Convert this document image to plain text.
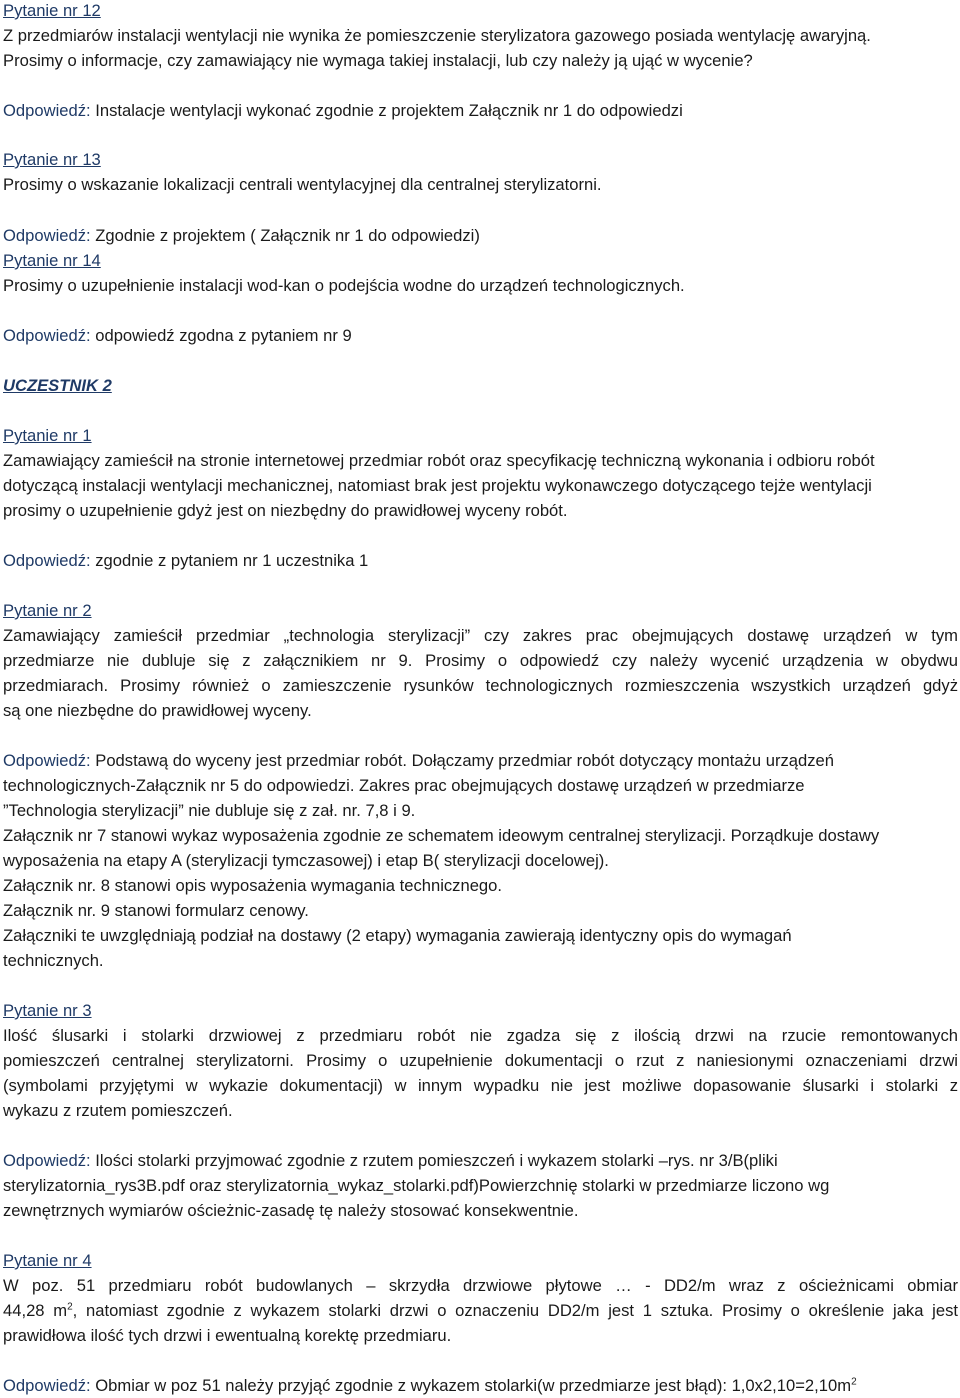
Pytanie nr 12
Z przedmiarów instalacji wentylacji nie wynika że pomieszczenie sterylizatora gazowego posiada wentylację awaryjną.
Prosimy o informacje, czy zamawiający nie wymaga takiej instalacji, lub czy należy ją ująć w wycenie?
Odpowiedź: Instalacje wentylacji wykonać zgodnie z projektem Załącznik nr 1 do odpowiedzi
Pytanie nr 13
Prosimy o wskazanie lokalizacji centrali wentylacyjnej dla centralnej sterylizatorni.
Odpowiedź: Zgodnie z projektem ( Załącznik nr 1 do odpowiedzi)
Pytanie nr 14
Prosimy o uzupełnienie instalacji wod-kan o podejścia wodne do urządzeń technologicznych.
Odpowiedź: odpowiedź zgodna z pytaniem nr 9
UCZESTNIK 2
Pytanie nr 1
Zamawiający zamieścił na stronie internetowej przedmiar robót oraz specyfikację techniczną wykonania i odbioru robót
dotyczącą instalacji wentylacji mechanicznej, natomiast brak jest projektu wykonawczego dotyczącego tejże wentylacji
prosimy o uzupełnienie gdyż jest on niezbędny do prawidłowej wyceny robót.
Odpowiedź: zgodnie z pytaniem nr 1 uczestnika 1
Pytanie nr 2
Zamawiający zamieścił przedmiar „technologia sterylizacji” czy zakres prac obejmujących dostawę urządzeń w tym
przedmiarze nie dubluje się z załącznikiem nr 9. Prosimy o odpowiedź czy należy wycenić urządzenia w obydwu
przedmiarach. Prosimy również o zamieszczenie rysunków technologicznych rozmieszczenia wszystkich urządzeń gdyż
są one niezbędne do prawidłowej wyceny.
Odpowiedź: Podstawą do wyceny jest przedmiar robót. Dołączamy przedmiar robót dotyczący montażu urządzeń
technologicznych-Załącznik nr 5 do odpowiedzi. Zakres prac obejmujących dostawę urządzeń w przedmiarze
”Technologia sterylizacji” nie dubluje się z zał. nr. 7,8 i 9.
Załącznik nr 7 stanowi wykaz wyposażenia zgodnie ze schematem ideowym centralnej sterylizacji. Porządkuje dostawy
wyposażenia na etapy A (sterylizacji tymczasowej) i etap B( sterylizacji docelowej).
Załącznik nr. 8 stanowi opis wyposażenia wymagania technicznego.
Załącznik nr. 9 stanowi formularz cenowy.
Załączniki te uwzględniają podział na dostawy (2 etapy) wymagania zawierają identyczny opis do wymagań
technicznych.
Pytanie nr 3
Ilość ślusarki i stolarki drzwiowej z przedmiaru robót nie zgadza się z ilością drzwi na rzucie remontowanych
pomieszczeń centralnej sterylizatorni. Prosimy o uzupełnienie dokumentacji o rzut z naniesionymi oznaczeniami drzwi
(symbolami przyjętymi w wykazie dokumentacji) w innym wypadku nie jest możliwe dopasowanie ślusarki i stolarki z
wykazu z rzutem pomieszczeń.
Odpowiedź: Ilości stolarki przyjmować zgodnie z rzutem pomieszczeń i wykazem stolarki –rys. nr 3/B(pliki
sterylizatornia_rys3B.pdf oraz sterylizatornia_wykaz_stolarki.pdf)Powierzchnię stolarki w przedmiarze liczono wg
zewnętrznych wymiarów ościeżnic-zasadę tę należy stosować konsekwentnie.
Pytanie nr 4
W poz. 51 przedmiaru robót budowlanych – skrzydła drzwiowe płytowe … - DD2/m wraz z ościeżnicami obmiar
44,28 $m^2$, natomiast zgodnie z wykazem stolarki drzwi o oznaczeniu DD2/m jest 1 sztuka. Prosimy o określenie jaka jest
prawidłowa ilość tych drzwi i ewentualną korektę przedmiaru.
Odpowiedź: Obmiar w poz 51 należy przyjąć zgodnie z wykazem stolarki(w przedmiarze jest błąd): $1,0x2,10=2,10m^2$
